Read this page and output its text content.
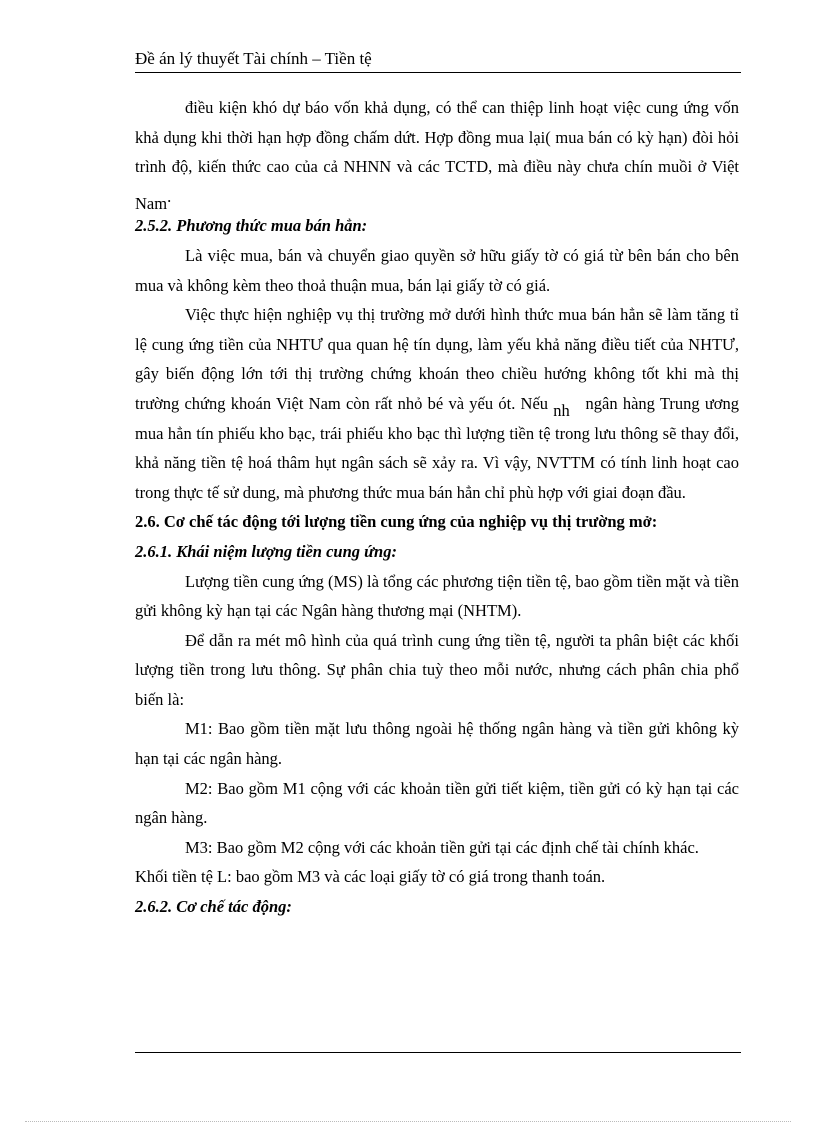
Đề án lý thuyết Tài chính – Tiền tệ

điều kiện khó dự báo vốn khả dụng, có thể can thiệp linh hoạt việc cung ứng vốn khả dụng khi thời hạn hợp đồng chấm dứt. Hợp đồng mua lại( mua bán có kỳ hạn) đòi hỏi trình độ, kiến thức cao của cả NHNN và các TCTD, mà điều này chưa chín muồi ở Việt Nam.

2.5.2. Phương thức mua bán hẳn:

Là việc mua, bán và chuyển giao quyền sở hữu giấy tờ có giá từ bên bán cho bên mua và không kèm theo thoả thuận mua, bán lại giấy tờ có giá.

Việc thực hiện nghiệp vụ thị trường mở dưới hình thức mua bán hẳn sẽ làm tăng tỉ lệ cung ứng tiền của NHTƯ qua quan hệ tín dụng, làm yếu khả năng điều tiết của NHTƯ, gây biến động lớn tới thị trường chứng khoán theo chiều hướng không tốt khi mà thị trường chứng khoán Việt Nam còn rất nhỏ bé và yếu ót. Nếu nh ngân hàng Trung ương mua hẳn tín phiếu kho bạc, trái phiếu kho bạc thì lượng tiền tệ trong lưu thông sẽ thay đổi, khả năng tiền tệ hoá thâm hụt ngân sách sẽ xảy ra. Vì vậy, NVTTM có tính linh hoạt cao trong thực tế sử dung, mà phương thức mua bán hẳn chỉ phù hợp với giai đoạn đầu.

2.6. Cơ chế tác động tới lượng tiền cung ứng của nghiệp vụ thị trường mở:

2.6.1. Khái niệm lượng tiền cung ứng:

Lượng tiền cung ứng (MS) là tổng các phương tiện tiền tệ, bao gồm tiền mặt và tiền gửi không kỳ hạn tại các Ngân hàng thương mại (NHTM).

Để dẫn ra mét mô hình của quá trình cung ứng tiền tệ, người ta phân biệt các khối lượng tiền trong lưu thông. Sự phân chia tuỳ theo mỗi nước, nhưng cách phân chia phổ biến là:

M1: Bao gồm tiền mặt lưu thông ngoài hệ thống ngân hàng và tiền gửi không kỳ hạn tại các ngân hàng.

M2: Bao gồm M1 cộng với các khoản tiền gửi tiết kiệm, tiền gửi có kỳ hạn tại các ngân hàng.

M3: Bao gồm M2 cộng với các khoản tiền gửi tại các định chế tài chính khác.

Khối tiền tệ L: bao gồm M3 và các loại giấy tờ có giá trong thanh toán.

2.6.2. Cơ chế tác động:
